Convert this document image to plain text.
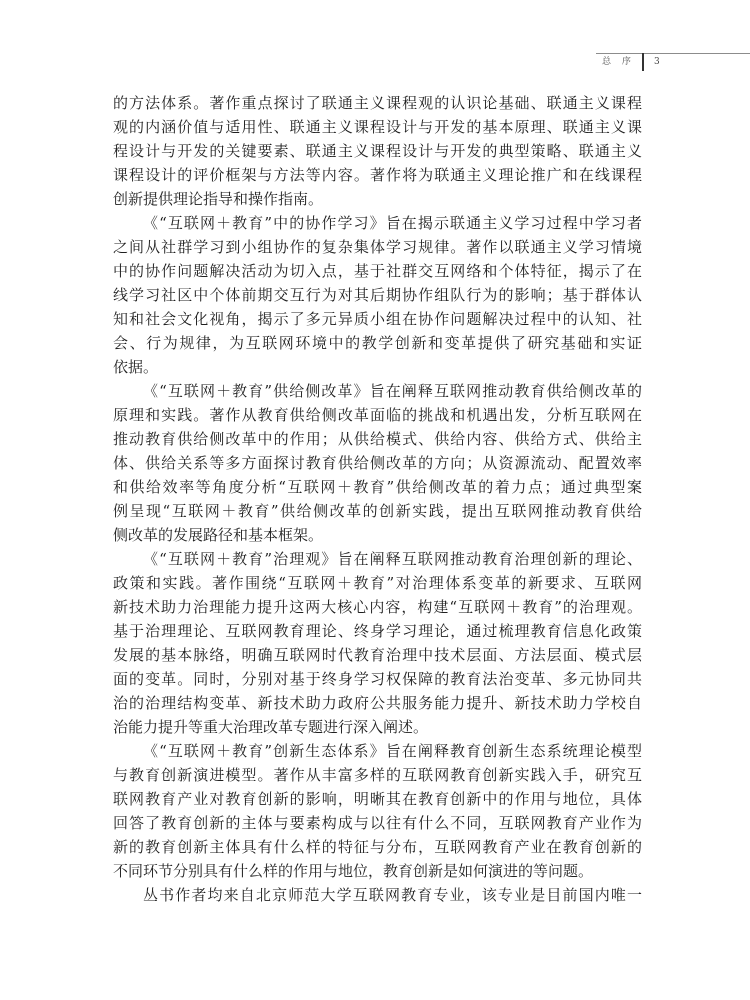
总 序 3
的方法体系。著作重点探讨了联通主义课程观的认识论基础、联通主义课程
观的内涵价值与适用性、联通主义课程设计与开发的基本原理、联通主义课
程设计与开发的关键要素、联通主义课程设计与开发的典型策略、联通主义
课程设计的评价框架与方法等内容。著作将为联通主义理论推广和在线课程
创新提供理论指导和操作指南。
《“互联网＋教育”中的协作学习》旨在揭示联通主义学习过程中学习者
之间从社群学习到小组协作的复杂集体学习规律。著作以联通主义学习情境
中的协作问题解决活动为切入点，基于社群交互网络和个体特征，揭示了在
线学习社区中个体前期交互行为对其后期协作组队行为的影响；基于群体认
知和社会文化视角，揭示了多元异质小组在协作问题解决过程中的认知、社
会、行为规律，为互联网环境中的教学创新和变革提供了研究基础和实证
依据。
《“互联网＋教育”供给侧改革》旨在阐释互联网推动教育供给侧改革的
原理和实践。著作从教育供给侧改革面临的挑战和机遇出发，分析互联网在
推动教育供给侧改革中的作用；从供给模式、供给内容、供给方式、供给主
体、供给关系等多方面探讨教育供给侧改革的方向；从资源流动、配置效率
和供给效率等角度分析“互联网＋教育”供给侧改革的着力点；通过典型案
例呈现“互联网＋教育”供给侧改革的创新实践，提出互联网推动教育供给
侧改革的发展路径和基本框架。
《“互联网＋教育”治理观》旨在阐释互联网推动教育治理创新的理论、
政策和实践。著作围绕“互联网＋教育”对治理体系变革的新要求、互联网
新技术助力治理能力提升这两大核心内容，构建“互联网＋教育”的治理观。
基于治理理论、互联网教育理论、终身学习理论，通过梳理教育信息化政策
发展的基本脉络，明确互联网时代教育治理中技术层面、方法层面、模式层
面的变革。同时，分别对基于终身学习权保障的教育法治变革、多元协同共
治的治理结构变革、新技术助力政府公共服务能力提升、新技术助力学校自
治能力提升等重大治理改革专题进行深入阐述。
《“互联网＋教育”创新生态体系》旨在阐释教育创新生态系统理论模型
与教育创新演进模型。著作从丰富多样的互联网教育创新实践入手，研究互
联网教育产业对教育创新的影响，明晰其在教育创新中的作用与地位，具体
回答了教育创新的主体与要素构成与以往有什么不同，互联网教育产业作为
新的教育创新主体具有什么样的特征与分布，互联网教育产业在教育创新的
不同环节分别具有什么样的作用与地位，教育创新是如何演进的等问题。
丛书作者均来自北京师范大学互联网教育专业，该专业是目前国内唯一
